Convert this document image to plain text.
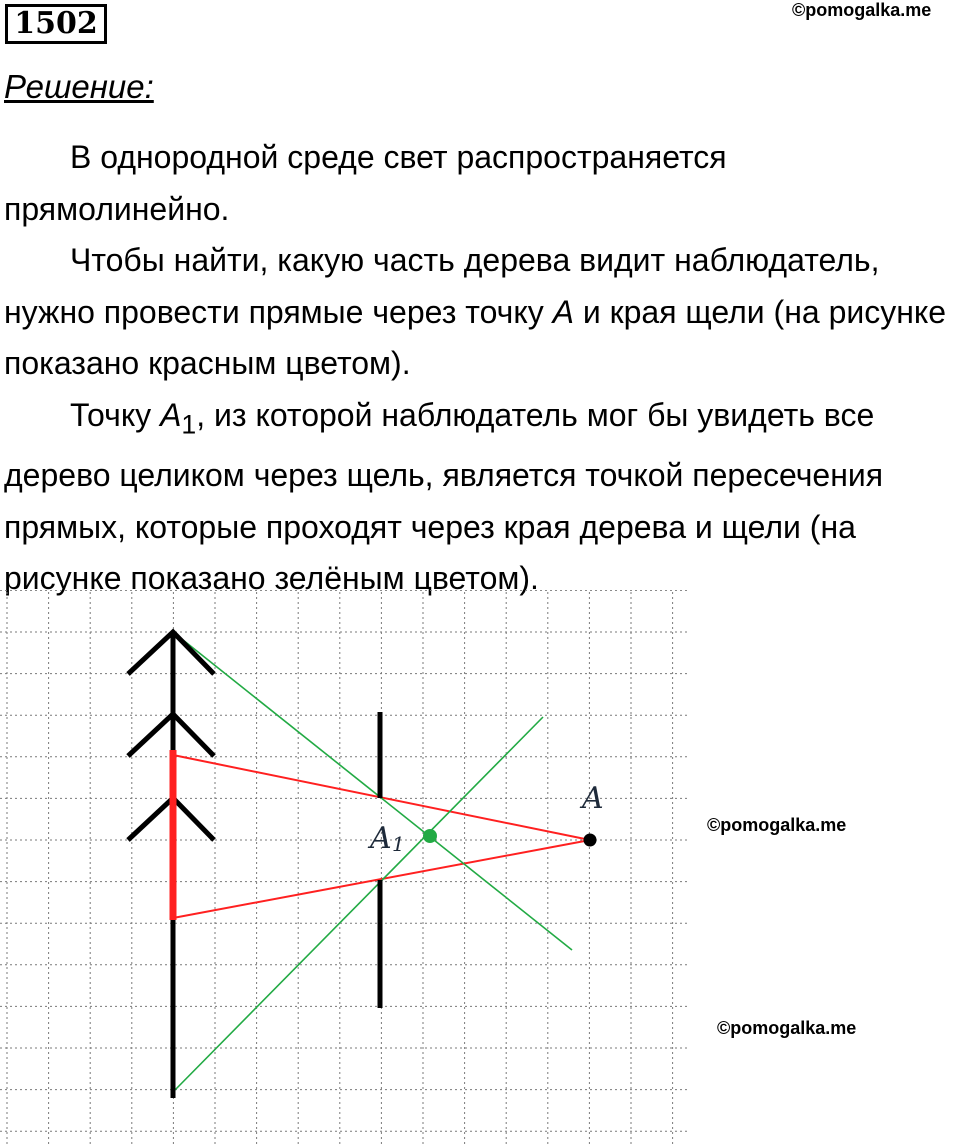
1502	©pomogalka.me
Решение:

В однородной среде свет распространяется прямолинейно.

Чтобы найти, какую часть дерева видит наблюдатель, нужно провести прямые через точку A и края щели (на рисунке показано красным цветом).

Точку $A_1$, из которой наблюдатель мог бы увидеть все дерево целиком через щель, является точкой пересечения прямых, которые проходят через края дерева и щели (на рисунке показано зелёным цветом).

A
A 1
©pomogalka.me
©pomogalka.me
